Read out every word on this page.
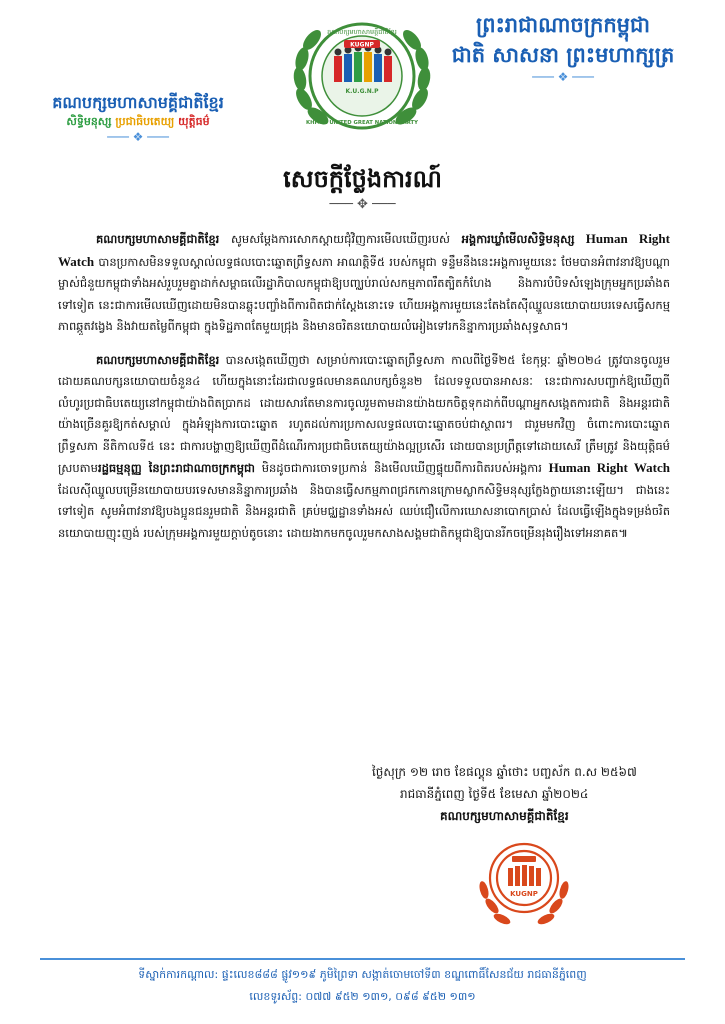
ព្រះរាជាណាចក្រកម្ពុជា
ជាតិ សាសនា ព្រះមហាក្សត្រ
─── ❖ ───
គណបក្សមហាសាមគ្គីជាតិខ្មែរ
សិទ្ធិមនុស្ស ប្រជាធិបតេយ្យ យុត្តិធម៌
─── ❖ ───
KUGNP
K.U.G.N.P
គណបក្សមហាសាមគ្គីជាតិខ្មែរ
KHMER UNITED GREAT NATION PARTY
សេចក្តីថ្លែងការណ៍
─── ✥ ───

គណបក្សមហាសាមគ្គីជាតិខ្មែរ សូមសម្ដែងការសោកស្ដាយជុំវិញការមើលឃើញរបស់ អង្គការឃ្លាំមើលសិទ្ធិមនុស្ស Human Right Watch បានប្រកាសមិនទទួលស្គាល់លទ្ធផលបោះឆ្នោតព្រឹទ្ធសភា អាណត្តិទី៥ របស់កម្ពុជា ទន្ទឹមនឹងនេះអង្គការមួយនេះ ថែមបានអំពាវនាវឱ្យបណ្ដាម្ចាស់ជំនួយកម្ពុជាទាំងអស់រួបរួមគ្នាដាក់សម្ពាធលើរដ្ឋាភិបាលកម្ពុជាឱ្យបញ្ឈប់រាល់សកម្មភាពរឹតត្បិតកំហែង និងការបំបិទសំឡេងក្រុមអ្នកប្រឆាំងតទៅទៀត នេះជាការមើលឃើញដោយមិនបានឆ្លុះបញ្ចាំងពីការពិតជាក់ស្ដែងនោះទេ ហើយអង្គការមួយនេះតែងតែស៊ីឈ្នួលនយោបាយបរទេសធ្វើសកម្មភាពឆ្កួតវង្វេង និងវាយតម្លៃពីកម្ពុជា ក្នុងទិដ្ឋភាពតែមួយជ្រុង និងមានចរិតនយោបាយលំអៀងទៅរកនិន្នាការប្រឆាំងសុទ្ធសាធ។

គណបក្សមហាសាមគ្គីជាតិខ្មែរ បានសង្កេតឃើញថា សម្រាប់ការបោះឆ្នោតព្រឹទ្ធសភា កាលពីថ្ងៃទី២៥ ខែកុម្ភៈ ឆ្នាំ២០២៤ ត្រូវបានចូលរួមដោយគណបក្សនយោបាយចំនួន៤ ហើយក្នុងនោះដែរជាលទ្ធផលមានគណបក្សចំនួន២ ដែលទទួលបានអាសនៈ នេះជាការសបញ្ជាក់ឱ្យឃើញពីលំហូរប្រជាធិបតេយ្យនៅកម្ពុជាយ៉ាងពិតប្រាកដ ដោយសារតែមានការចូលរួមតាមដានយ៉ាងយកចិត្តទុកដាក់ពីបណ្ដាអ្នកសង្កេតការជាតិ និងអន្តរជាតិ យ៉ាងច្រើនគួរឱ្យកត់សម្គាល់ ក្នុងអំឡុងការបោះឆ្នោត រហូតដល់ការប្រកាសលទ្ធផលបោះឆ្នោតចប់ជាស្ថាពរ។ ជារួមមកវិញ ចំពោះការបោះឆ្នោតព្រឹទ្ធសភា នីតិកាលទី៥ នេះ ជាការបង្ហាញឱ្យឃើញពីដំណើរការប្រជាធិបតេយ្យយ៉ាងល្អប្រសើរ ដោយបានប្រព្រឹត្តទៅដោយសេរី ត្រឹមត្រូវ និងយុត្តិធម៌ ស្របតាមរដ្ឋធម្មនុញ្ញ នៃព្រះរាជាណាចក្រកម្ពុជា មិនដូចជាការចោទប្រកាន់ និងមើលឃើញផ្ទុយពីការពិតរបស់អង្គការ Human Right Watch ដែលស៊ីឈ្នួលបម្រើនយោបាយបរទេសមាននិន្នាការប្រឆាំង និងបានធ្វើសកម្មភាពជ្រកកោនក្រោមស្លាកសិទ្ធិមនុស្សក្លែងក្លាយនោះឡើយ។ ជាងនេះទៅទៀត សូមអំពាវនាវឱ្យបងប្អូនជនរួមជាតិ និងអន្តរជាតិ គ្រប់មជ្ឈដ្ឋានទាំងអស់ ឈប់ជឿលើការឃោសនាបោកប្រាស់ ដែលធ្វើឡើងក្នុងទម្រង់ចរិតនយោបាយញុះញង់ របស់ក្រុមអង្គការមួយក្ដាប់តូចនោះ ដោយងាកមកចូលរួមកសាងសង្គមជាតិកម្ពុជាឱ្យបានរីកចម្រើនរុងរឿងទៅអនាគត៕

ថ្ងៃសុក្រ ១២ រោច ខែផល្គុន ឆ្នាំថោះ បញ្ចស័ក ព.ស ២៥៦៧
រាជធានីភ្នំពេញ ថ្ងៃទី៥ ខែមេសា ឆ្នាំ២០២៤
គណបក្សមហាសាមគ្គីជាតិខ្មែរ
KUGNP
ទីស្នាក់ការកណ្ដាល: ផ្ទះលេខ៨៨៨ ផ្លូវ១១៩ ភូមិព្រៃទា សង្កាត់ចោមចៅទី៣ ខណ្ឌពោធិ៍សែនជ័យ រាជធានីភ្នំពេញ
លេខទូរស័ព្ទ: ០៧៧ ៩៥២ ១៣១, ០៩៨ ៩៥២ ១៣១
